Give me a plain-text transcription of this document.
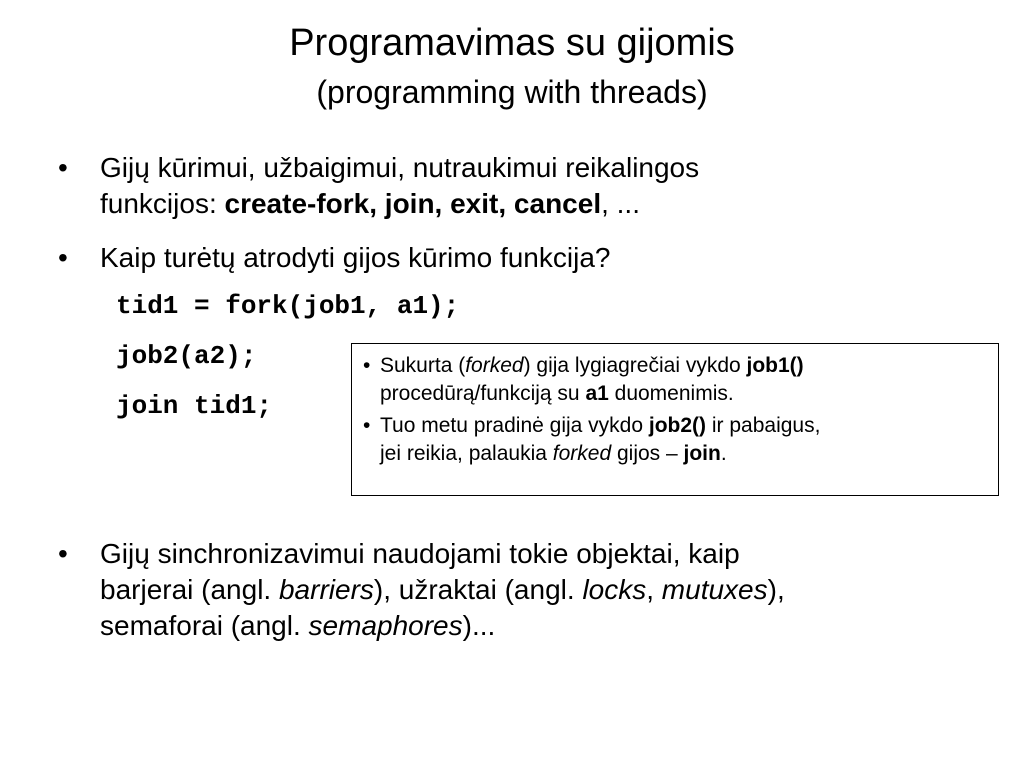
Programavimas su gijomis
(programming with threads)
• Gijų kūrimui, užbaigimui, nutraukimui reikalingos
funkcijos: create-fork, join, exit, cancel, ...
• Kaip turėtų atrodyti gijos kūrimo funkcija?
tid1 = fork(job1, a1);
job2(a2);
join tid1;
• Sukurta (forked) gija lygiagrečiai vykdo job1()
procedūrą/funkciją su a1 duomenimis.
• Tuo metu pradinė gija vykdo job2() ir pabaigus,
jei reikia, palaukia forked gijos – join.
• Gijų sinchronizavimui naudojami tokie objektai, kaip
barjerai (angl. barriers), užraktai (angl. locks, mutuxes),
semaforai (angl. semaphores)...
